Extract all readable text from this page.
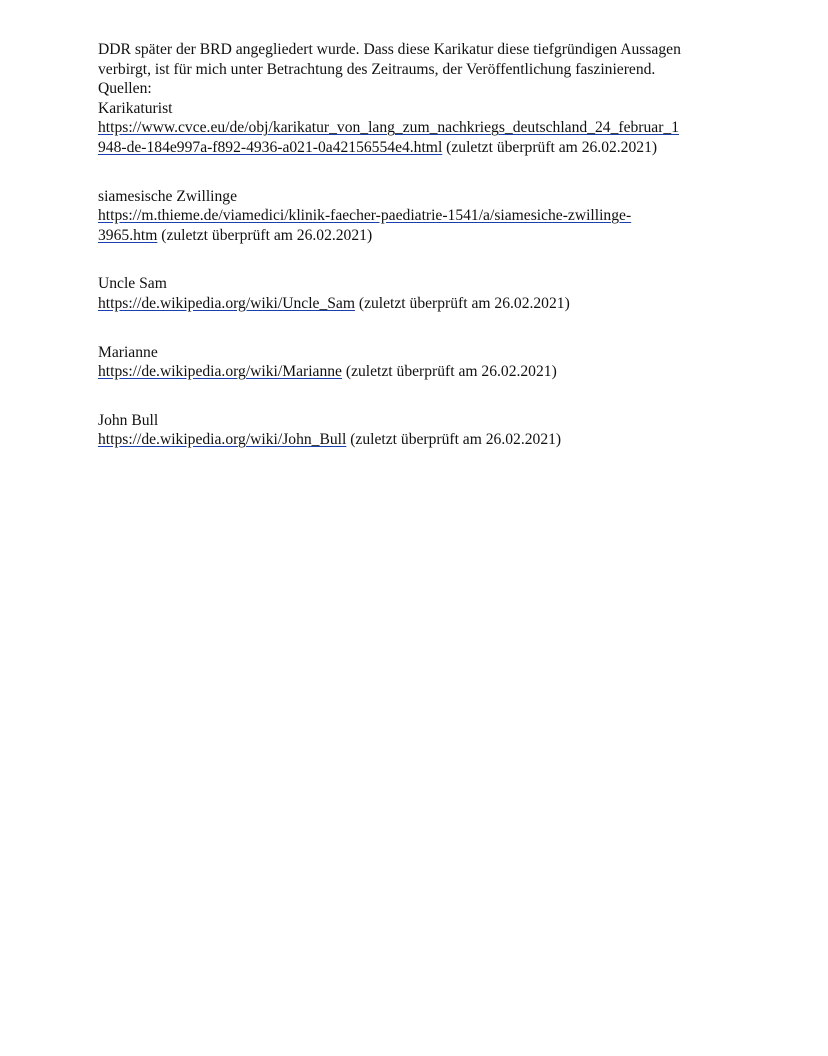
DDR später der BRD angegliedert wurde. Dass diese Karikatur diese tiefgründigen Aussagen
verbirgt, ist für mich unter Betrachtung des Zeitraums, der Veröffentlichung faszinierend.
Quellen:

Karikaturist
https://www.cvce.eu/de/obj/karikatur_von_lang_zum_nachkriegs_deutschland_24_februar_1
948-de-184e997a-f892-4936-a021-0a42156554e4.html (zuletzt überprüft am 26.02.2021)
siamesische Zwillinge
https://m.thieme.de/viamedici/klinik-faecher-paediatrie-1541/a/siamesiche-zwillinge-
3965.htm (zuletzt überprüft am 26.02.2021)
Uncle Sam
https://de.wikipedia.org/wiki/Uncle_Sam (zuletzt überprüft am 26.02.2021)
Marianne
https://de.wikipedia.org/wiki/Marianne (zuletzt überprüft am 26.02.2021)
John Bull
https://de.wikipedia.org/wiki/John_Bull (zuletzt überprüft am 26.02.2021)
